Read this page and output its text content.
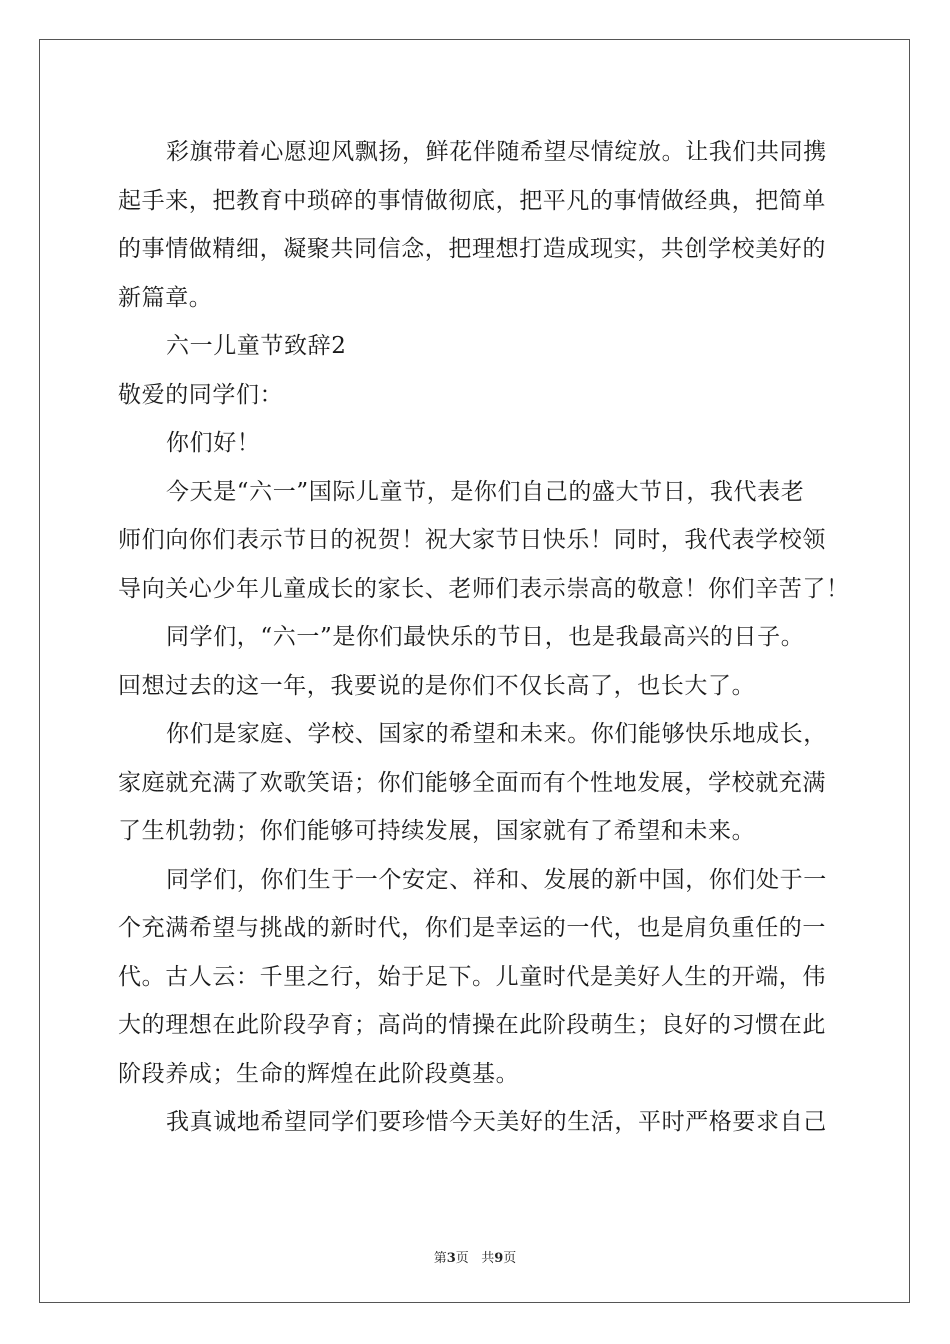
彩旗带着心愿迎风飘扬，鲜花伴随希望尽情绽放。让我们共同携
起手来，把教育中琐碎的事情做彻底，把平凡的事情做经典，把简单
的事情做精细，凝聚共同信念，把理想打造成现实，共创学校美好的
新篇章。
六一儿童节致辞2
敬爱的同学们：
你们好！
今天是“六一”国际儿童节，是你们自己的盛大节日，我代表老
师们向你们表示节日的祝贺！祝大家节日快乐！同时，我代表学校领
导向关心少年儿童成长的家长、老师们表示崇高的敬意！你们辛苦了！
同学们，“六一”是你们最快乐的节日，也是我最高兴的日子。
回想过去的这一年，我要说的是你们不仅长高了，也长大了。
你们是家庭、学校、国家的希望和未来。你们能够快乐地成长，
家庭就充满了欢歌笑语；你们能够全面而有个性地发展，学校就充满
了生机勃勃；你们能够可持续发展，国家就有了希望和未来。
同学们，你们生于一个安定、祥和、发展的新中国，你们处于一
个充满希望与挑战的新时代，你们是幸运的一代，也是肩负重任的一
代。古人云：千里之行，始于足下。儿童时代是美好人生的开端，伟
大的理想在此阶段孕育；高尚的情操在此阶段萌生；良好的习惯在此
阶段养成；生命的辉煌在此阶段奠基。
我真诚地希望同学们要珍惜今天美好的生活，平时严格要求自己
第3页 共9页
